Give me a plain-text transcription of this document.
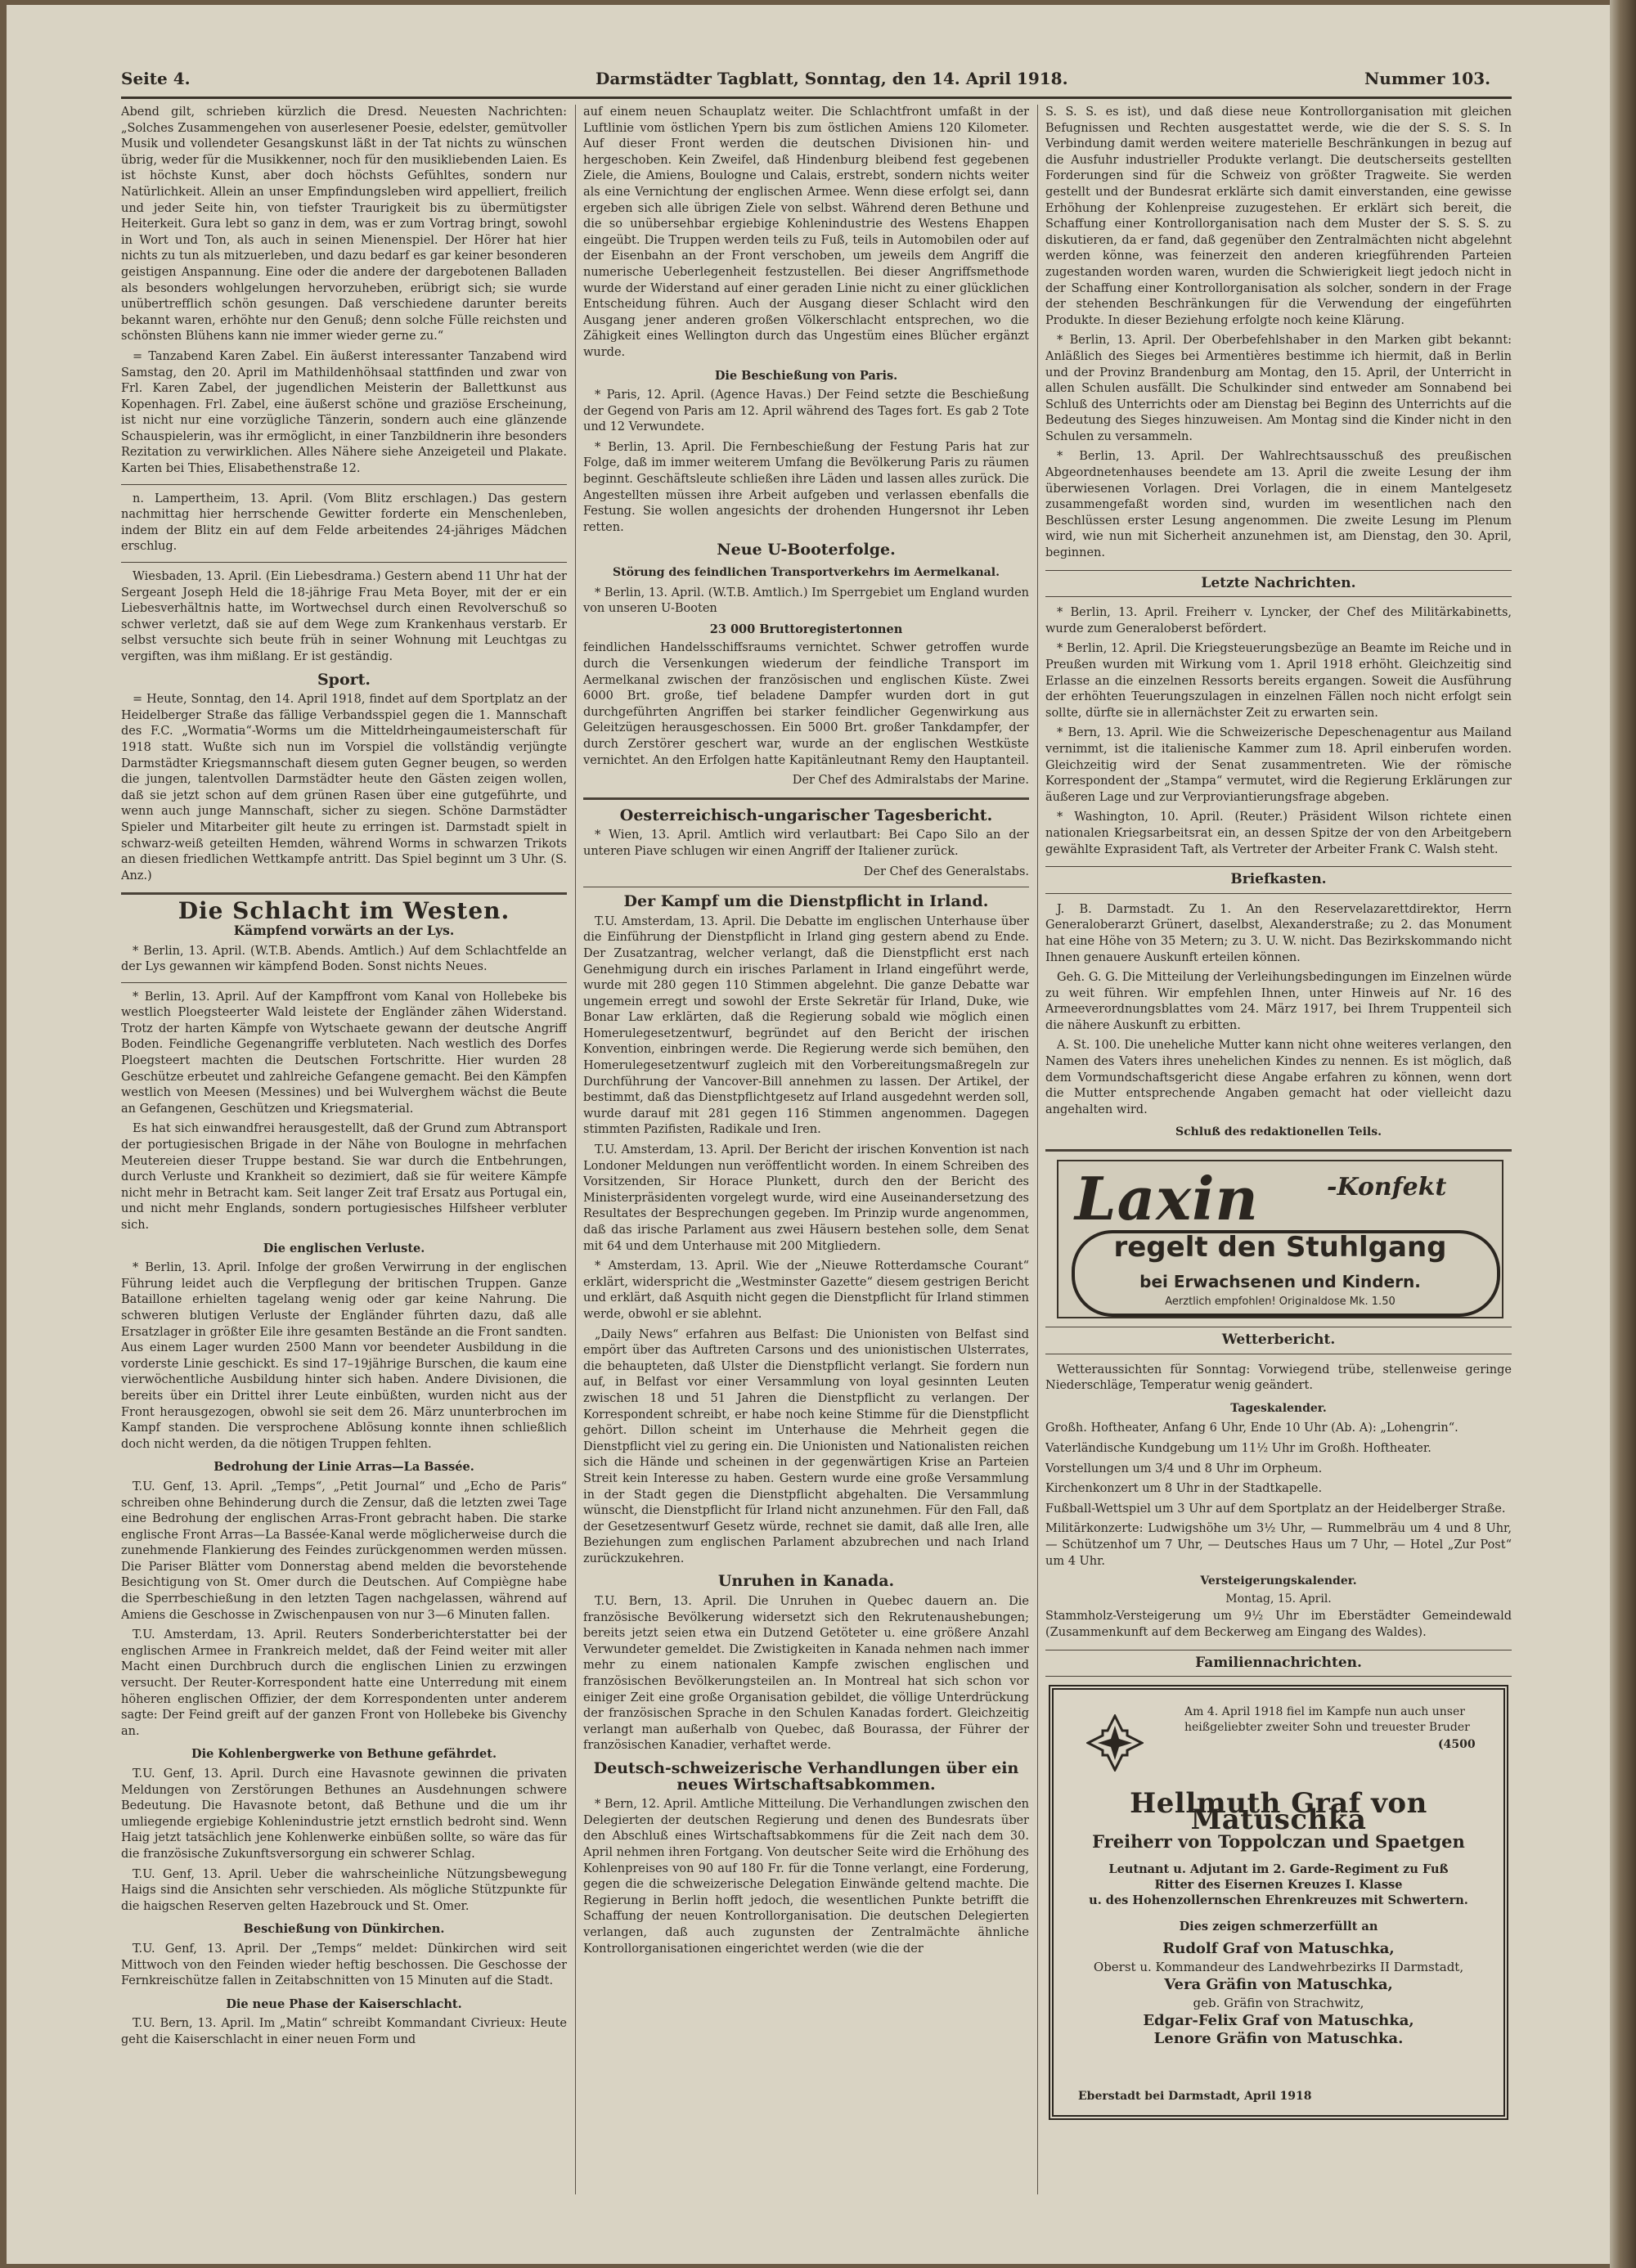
Seite 4.	Darmstädter Tagblatt, Sonntag, den 14. April 1918.	Nummer 103.

Abend gilt, schrieben kürzlich die Dresd. Neuesten Nachrichten: „Solches Zusammengehen von auserlesener Poesie, edelster, gemütvoller Musik und vollendeter Gesangskunst läßt in der Tat nichts zu wünschen übrig, weder für die Musikkenner, noch für den musikliebenden Laien. Es ist höchste Kunst, aber doch höchsts Gefühltes, sondern nur Natürlichkeit. Allein an unser Empfindungsleben wird appelliert, freilich und jeder Seite hin, von tiefster Traurigkeit bis zu übermütigster Heiterkeit. Gura lebt so ganz in dem, was er zum Vortrag bringt, sowohl in Wort und Ton, als auch in seinen Mienenspiel. Der Hörer hat hier nichts zu tun als mitzuerleben, und dazu bedarf es gar keiner besonderen geistigen Anspannung. Eine oder die andere der dargebotenen Balladen als besonders wohlgelungen hervorzuheben, erübrigt sich; sie wurde unübertrefflich schön gesungen. Daß verschiedene darunter bereits bekannt waren, erhöhte nur den Genuß; denn solche Fülle reichsten und schönsten Blühens kann nie immer wieder gerne zu.“

= Tanzabend Karen Zabel. Ein äußerst interessanter Tanzabend wird Samstag, den 20. April im Mathildenhöhsaal stattfinden und zwar von Frl. Karen Zabel, der jugendlichen Meisterin der Ballettkunst aus Kopenhagen. Frl. Zabel, eine äußerst schöne und graziöse Erscheinung, ist nicht nur eine vorzügliche Tänzerin, sondern auch eine glänzende Schauspielerin, was ihr ermöglicht, in einer Tanzbildnerin ihre besonders Rezitation zu verwirklichen. Alles Nähere siehe Anzeigeteil und Plakate. Karten bei Thies, Elisabethenstraße 12.

n. Lampertheim, 13. April. (Vom Blitz erschlagen.) Das gestern nachmittag hier herrschende Gewitter forderte ein Menschenleben, indem der Blitz ein auf dem Felde arbeitendes 24-jähriges Mädchen erschlug.

Wiesbaden, 13. April. (Ein Liebesdrama.) Gestern abend 11 Uhr hat der Sergeant Joseph Held die 18-jährige Frau Meta Boyer, mit der er ein Liebesverhältnis hatte, im Wortwechsel durch einen Revolverschuß so schwer verletzt, daß sie auf dem Wege zum Krankenhaus verstarb. Er selbst versuchte sich beute früh in seiner Wohnung mit Leuchtgas zu vergiften, was ihm mißlang. Er ist geständig.

Sport.

= Heute, Sonntag, den 14. April 1918, findet auf dem Sportplatz an der Heidelberger Straße das fällige Verbandsspiel gegen die 1. Mannschaft des F.C. „Wormatia“-Worms um die Mitteldrheingaumeisterschaft für 1918 statt. Wußte sich nun im Vorspiel die vollständig verjüngte Darmstädter Kriegsmannschaft diesem guten Gegner beugen, so werden die jungen, talentvollen Darmstädter heute den Gästen zeigen wollen, daß sie jetzt schon auf dem grünen Rasen über eine gutgeführte, und wenn auch junge Mannschaft, sicher zu siegen. Schöne Darmstädter Spieler und Mitarbeiter gilt heute zu erringen ist. Darmstadt spielt in schwarz-weiß geteilten Hemden, während Worms in schwarzen Trikots an diesen friedlichen Wettkampfe antritt. Das Spiel beginnt um 3 Uhr. (S. Anz.)

Die Schlacht im Westen.
Kämpfend vorwärts an der Lys.

* Berlin, 13. April. (W.T.B. Abends. Amtlich.) Auf dem Schlachtfelde an der Lys gewannen wir kämpfend Boden. Sonst nichts Neues.

* Berlin, 13. April. Auf der Kampffront vom Kanal von Hollebeke bis westlich Ploegsteerter Wald leistete der Engländer zähen Widerstand. Trotz der harten Kämpfe von Wytschaete gewann der deutsche Angriff Boden. Feindliche Gegenangriffe verbluteten. Nach westlich des Dorfes Ploegsteert machten die Deutschen Fortschritte. Hier wurden 28 Geschütze erbeutet und zahlreiche Gefangene gemacht. Bei den Kämpfen westlich von Meesen (Messines) und bei Wulverghem wächst die Beute an Gefangenen, Geschützen und Kriegsmaterial.

Es hat sich einwandfrei herausgestellt, daß der Grund zum Abtransport der portugiesischen Brigade in der Nähe von Boulogne in mehrfachen Meutereien dieser Truppe bestand. Sie war durch die Entbehrungen, durch Verluste und Krankheit so dezimiert, daß sie für weitere Kämpfe nicht mehr in Betracht kam. Seit langer Zeit traf Ersatz aus Portugal ein, und nicht mehr Englands, sondern portugiesisches Hilfsheer verbluter sich.

Die englischen Verluste.

* Berlin, 13. April. Infolge der großen Verwirrung in der englischen Führung leidet auch die Verpflegung der britischen Truppen. Ganze Bataillone erhielten tagelang wenig oder gar keine Nahrung. Die schweren blutigen Verluste der Engländer führten dazu, daß alle Ersatzlager in größter Eile ihre gesamten Bestände an die Front sandten. Aus einem Lager wurden 2500 Mann vor beendeter Ausbildung in die vorderste Linie geschickt. Es sind 17–19jährige Burschen, die kaum eine vierwöchentliche Ausbildung hinter sich haben. Andere Divisionen, die bereits über ein Drittel ihrer Leute einbüßten, wurden nicht aus der Front herausgezogen, obwohl sie seit dem 26. März ununterbrochen im Kampf standen. Die versprochene Ablösung konnte ihnen schließlich doch nicht werden, da die nötigen Truppen fehlten.

Bedrohung der Linie Arras—La Bassée.

T.U. Genf, 13. April. „Temps“, „Petit Journal“ und „Echo de Paris“ schreiben ohne Behinderung durch die Zensur, daß die letzten zwei Tage eine Bedrohung der englischen Arras-Front gebracht haben. Die starke englische Front Arras—La Bassée-Kanal werde möglicherweise durch die zunehmende Flankierung des Feindes zurückgenommen werden müssen. Die Pariser Blätter vom Donnerstag abend melden die bevorstehende Besichtigung von St. Omer durch die Deutschen. Auf Compiègne habe die Sperrbeschießung in den letzten Tagen nachgelassen, während auf Amiens die Geschosse in Zwischenpausen von nur 3—6 Minuten fallen.

T.U. Amsterdam, 13. April. Reuters Sonderberichterstatter bei der englischen Armee in Frankreich meldet, daß der Feind weiter mit aller Macht einen Durchbruch durch die englischen Linien zu erzwingen versucht. Der Reuter-Korrespondent hatte eine Unterredung mit einem höheren englischen Offizier, der dem Korrespondenten unter anderem sagte: Der Feind greift auf der ganzen Front von Hollebeke bis Givenchy an.

Die Kohlenbergwerke von Bethune gefährdet.

T.U. Genf, 13. April. Durch eine Havasnote gewinnen die privaten Meldungen von Zerstörungen Bethunes an Ausdehnungen schwere Bedeutung. Die Havasnote betont, daß Bethune und die um ihr umliegende ergiebige Kohlenindustrie jetzt ernstlich bedroht sind. Wenn Haig jetzt tatsächlich jene Kohlenwerke einbüßen sollte, so wäre das für die französische Zukunftsversorgung ein schwerer Schlag.

T.U. Genf, 13. April. Ueber die wahrscheinliche Nützungsbewegung Haigs sind die Ansichten sehr verschieden. Als mögliche Stützpunkte für die haigschen Reserven gelten Hazebrouck und St. Omer.

Beschießung von Dünkirchen.

T.U. Genf, 13. April. Der „Temps“ meldet: Dünkirchen wird seit Mittwoch von den Feinden wieder heftig beschossen. Die Geschosse der Fernkreischütze fallen in Zeitabschnitten von 15 Minuten auf die Stadt.

Die neue Phase der Kaiserschlacht.

T.U. Bern, 13. April. Im „Matin“ schreibt Kommandant Civrieux: Heute geht die Kaiserschlacht in einer neuen Form und

auf einem neuen Schauplatz weiter. Die Schlachtfront umfaßt in der Luftlinie vom östlichen Ypern bis zum östlichen Amiens 120 Kilometer. Auf dieser Front werden die deutschen Divisionen hin- und hergeschoben. Kein Zweifel, daß Hindenburg bleibend fest gegebenen Ziele, die Amiens, Boulogne und Calais, erstrebt, sondern nichts weiter als eine Vernichtung der englischen Armee. Wenn diese erfolgt sei, dann ergeben sich alle übrigen Ziele von selbst. Während deren Bethune und die so unübersehbar ergiebige Kohlenindustrie des Westens Ehappen eingeübt. Die Truppen werden teils zu Fuß, teils in Automobilen oder auf der Eisenbahn an der Front verschoben, um jeweils dem Angriff die numerische Ueberlegenheit festzustellen. Bei dieser Angriffsmethode wurde der Widerstand auf einer geraden Linie nicht zu einer glücklichen Entscheidung führen. Auch der Ausgang dieser Schlacht wird den Ausgang jener anderen großen Völkerschlacht entsprechen, wo die Zähigkeit eines Wellington durch das Ungestüm eines Blücher ergänzt wurde.

Die Beschießung von Paris.

* Paris, 12. April. (Agence Havas.) Der Feind setzte die Beschießung der Gegend von Paris am 12. April während des Tages fort. Es gab 2 Tote und 12 Verwundete.

* Berlin, 13. April. Die Fernbeschießung der Festung Paris hat zur Folge, daß im immer weiterem Umfang die Bevölkerung Paris zu räumen beginnt. Geschäftsleute schließen ihre Läden und lassen alles zurück. Die Angestellten müssen ihre Arbeit aufgeben und verlassen ebenfalls die Festung. Sie wollen angesichts der drohenden Hungersnot ihr Leben retten.

Neue U-Booterfolge.
Störung des feindlichen Transportverkehrs im Aermelkanal.

* Berlin, 13. April. (W.T.B. Amtlich.) Im Sperrgebiet um England wurden von unseren U-Booten

23 000 Bruttoregistertonnen

feindlichen Handelsschiffsraums vernichtet. Schwer getroffen wurde durch die Versenkungen wiederum der feindliche Transport im Aermelkanal zwischen der französischen und englischen Küste. Zwei 6000 Brt. große, tief beladene Dampfer wurden dort in gut durchgeführten Angriffen bei starker feindlicher Gegenwirkung aus Geleitzügen herausgeschossen. Ein 5000 Brt. großer Tankdampfer, der durch Zerstörer geschert war, wurde an der englischen Westküste vernichtet. An den Erfolgen hatte Kapitänleutnant Remy den Hauptanteil.

Der Chef des Admiralstabs der Marine.
Oesterreichisch-ungarischer Tagesbericht.

* Wien, 13. April. Amtlich wird verlautbart: Bei Capo Silo an der unteren Piave schlugen wir einen Angriff der Italiener zurück.

Der Chef des Generalstabs.
Der Kampf um die Dienstpflicht in Irland.

T.U. Amsterdam, 13. April. Die Debatte im englischen Unterhause über die Einführung der Dienstpflicht in Irland ging gestern abend zu Ende. Der Zusatzantrag, welcher verlangt, daß die Dienstpflicht erst nach Genehmigung durch ein irisches Parlament in Irland eingeführt werde, wurde mit 280 gegen 110 Stimmen abgelehnt. Die ganze Debatte war ungemein erregt und sowohl der Erste Sekretär für Irland, Duke, wie Bonar Law erklärten, daß die Regierung sobald wie möglich einen Homerulegesetzentwurf, begründet auf den Bericht der irischen Konvention, einbringen werde. Die Regierung werde sich bemühen, den Homerulegesetzentwurf zugleich mit den Vorbereitungsmaßregeln zur Durchführung der Vancover-Bill annehmen zu lassen. Der Artikel, der bestimmt, daß das Dienstpflichtgesetz auf Irland ausgedehnt werden soll, wurde darauf mit 281 gegen 116 Stimmen angenommen. Dagegen stimmten Pazifisten, Radikale und Iren.

T.U. Amsterdam, 13. April. Der Bericht der irischen Konvention ist nach Londoner Meldungen nun veröffentlicht worden. In einem Schreiben des Vorsitzenden, Sir Horace Plunkett, durch den der Bericht des Ministerpräsidenten vorgelegt wurde, wird eine Auseinandersetzung des Resultates der Besprechungen gegeben. Im Prinzip wurde angenommen, daß das irische Parlament aus zwei Häusern bestehen solle, dem Senat mit 64 und dem Unterhause mit 200 Mitgliedern.

* Amsterdam, 13. April. Wie der „Nieuwe Rotterdamsche Courant“ erklärt, widerspricht die „Westminster Gazette“ diesem gestrigen Bericht und erklärt, daß Asquith nicht gegen die Dienstpflicht für Irland stimmen werde, obwohl er sie ablehnt.

„Daily News“ erfahren aus Belfast: Die Unionisten von Belfast sind empört über das Auftreten Carsons und des unionistischen Ulsterrates, die behaupteten, daß Ulster die Dienstpflicht verlangt. Sie fordern nun auf, in Belfast vor einer Versammlung von loyal gesinnten Leuten zwischen 18 und 51 Jahren die Dienstpflicht zu verlangen. Der Korrespondent schreibt, er habe noch keine Stimme für die Dienstpflicht gehört. Dillon scheint im Unterhause die Mehrheit gegen die Dienstpflicht viel zu gering ein. Die Unionisten und Nationalisten reichen sich die Hände und scheinen in der gegenwärtigen Krise an Parteien Streit kein Interesse zu haben. Gestern wurde eine große Versammlung in der Stadt gegen die Dienstpflicht abgehalten. Die Versammlung wünscht, die Dienstpflicht für Irland nicht anzunehmen. Für den Fall, daß der Gesetzesentwurf Gesetz würde, rechnet sie damit, daß alle Iren, alle Beziehungen zum englischen Parlament abzubrechen und nach Irland zurückzukehren.

Unruhen in Kanada.

T.U. Bern, 13. April. Die Unruhen in Quebec dauern an. Die französische Bevölkerung widersetzt sich den Rekrutenaushebungen; bereits jetzt seien etwa ein Dutzend Getöteter u. eine größere Anzahl Verwundeter gemeldet. Die Zwistigkeiten in Kanada nehmen nach immer mehr zu einem nationalen Kampfe zwischen englischen und französischen Bevölkerungsteilen an. In Montreal hat sich schon vor einiger Zeit eine große Organisation gebildet, die völlige Unterdrückung der französischen Sprache in den Schulen Kanadas fordert. Gleichzeitig verlangt man außerhalb von Quebec, daß Bourassa, der Führer der französischen Kanadier, verhaftet werde.

Deutsch-schweizerische Verhandlungen über ein neues Wirtschaftsabkommen.

* Bern, 12. April. Amtliche Mitteilung. Die Verhandlungen zwischen den Delegierten der deutschen Regierung und denen des Bundesrats über den Abschluß eines Wirtschaftsabkommens für die Zeit nach dem 30. April nehmen ihren Fortgang. Von deutscher Seite wird die Erhöhung des Kohlenpreises von 90 auf 180 Fr. für die Tonne verlangt, eine Forderung, gegen die die schweizerische Delegation Einwände geltend machte. Die Regierung in Berlin hofft jedoch, die wesentlichen Punkte betrifft die Schaffung der neuen Kontrollorganisation. Die deutschen Delegierten verlangen, daß auch zugunsten der Zentralmächte ähnliche Kontrollorganisationen eingerichtet werden (wie die der

S. S. S. es ist), und daß diese neue Kontrollorganisation mit gleichen Befugnissen und Rechten ausgestattet werde, wie die der S. S. S. In Verbindung damit werden weitere materielle Beschränkungen in bezug auf die Ausfuhr industrieller Produkte verlangt. Die deutscherseits gestellten Forderungen sind für die Schweiz von größter Tragweite. Sie werden gestellt und der Bundesrat erklärte sich damit einverstanden, eine gewisse Erhöhung der Kohlenpreise zuzugestehen. Er erklärt sich bereit, die Schaffung einer Kontrollorganisation nach dem Muster der S. S. S. zu diskutieren, da er fand, daß gegenüber den Zentralmächten nicht abgelehnt werden könne, was feinerzeit den anderen kriegführenden Parteien zugestanden worden waren, wurden die Schwierigkeit liegt jedoch nicht in der Schaffung einer Kontrollorganisation als solcher, sondern in der Frage der stehenden Beschränkungen für die Verwendung der eingeführten Produkte. In dieser Beziehung erfolgte noch keine Klärung.

* Berlin, 13. April. Der Oberbefehlshaber in den Marken gibt bekannt: Anläßlich des Sieges bei Armentières bestimme ich hiermit, daß in Berlin und der Provinz Brandenburg am Montag, den 15. April, der Unterricht in allen Schulen ausfällt. Die Schulkinder sind entweder am Sonnabend bei Schluß des Unterrichts oder am Dienstag bei Beginn des Unterrichts auf die Bedeutung des Sieges hinzuweisen. Am Montag sind die Kinder nicht in den Schulen zu versammeln.

* Berlin, 13. April. Der Wahlrechtsausschuß des preußischen Abgeordnetenhauses beendete am 13. April die zweite Lesung der ihm überwiesenen Vorlagen. Drei Vorlagen, die in einem Mantelgesetz zusammengefaßt worden sind, wurden im wesentlichen nach den Beschlüssen erster Lesung angenommen. Die zweite Lesung im Plenum wird, wie nun mit Sicherheit anzunehmen ist, am Dienstag, den 30. April, beginnen.

Letzte Nachrichten.

* Berlin, 13. April. Freiherr v. Lyncker, der Chef des Militärkabinetts, wurde zum Generaloberst befördert.

* Berlin, 12. April. Die Kriegsteuerungsbezüge an Beamte im Reiche und in Preußen wurden mit Wirkung vom 1. April 1918 erhöht. Gleichzeitig sind Erlasse an die einzelnen Ressorts bereits ergangen. Soweit die Ausführung der erhöhten Teuerungszulagen in einzelnen Fällen noch nicht erfolgt sein sollte, dürfte sie in allernächster Zeit zu erwarten sein.

* Bern, 13. April. Wie die Schweizerische Depeschenagentur aus Mailand vernimmt, ist die italienische Kammer zum 18. April einberufen worden. Gleichzeitig wird der Senat zusammentreten. Wie der römische Korrespondent der „Stampa“ vermutet, wird die Regierung Erklärungen zur äußeren Lage und zur Verproviantierungsfrage abgeben.

* Washington, 10. April. (Reuter.) Präsident Wilson richtete einen nationalen Kriegsarbeitsrat ein, an dessen Spitze der von den Arbeitgebern gewählte Exprasident Taft, als Vertreter der Arbeiter Frank C. Walsh steht.

Briefkasten.

J. B. Darmstadt. Zu 1. An den Reservelazarettdirektor, Herrn Generaloberarzt Grünert, daselbst, Alexanderstraße; zu 2. das Monument hat eine Höhe von 35 Metern; zu 3. U. W. nicht. Das Bezirkskommando nicht Ihnen genauere Auskunft erteilen können.

Geh. G. G. Die Mitteilung der Verleihungsbedingungen im Einzelnen würde zu weit führen. Wir empfehlen Ihnen, unter Hinweis auf Nr. 16 des Armeeverordnungsblattes vom 24. März 1917, bei Ihrem Truppenteil sich die nähere Auskunft zu erbitten.

A. St. 100. Die uneheliche Mutter kann nicht ohne weiteres verlangen, den Namen des Vaters ihres unehelichen Kindes zu nennen. Es ist möglich, daß dem Vormundschaftsgericht diese Angabe erfahren zu können, wenn dort die Mutter entsprechende Angaben gemacht hat oder vielleicht dazu angehalten wird.

Schluß des redaktionellen Teils.
Laxin	-Konfekt
regelt den Stuhlgang
bei Erwachsenen und Kindern.
Aerztlich empfohlen! Originaldose Mk. 1.50
Wetterbericht.

Wetteraussichten für Sonntag: Vorwiegend trübe, stellenweise geringe Niederschläge, Temperatur wenig geändert.

Tageskalender.

Großh. Hoftheater, Anfang 6 Uhr, Ende 10 Uhr (Ab. A): „Lohengrin“.

Vaterländische Kundgebung um 11½ Uhr im Großh. Hoftheater.

Vorstellungen um 3/4 und 8 Uhr im Orpheum.

Kirchenkonzert um 8 Uhr in der Stadtkapelle.

Fußball-Wettspiel um 3 Uhr auf dem Sportplatz an der Heidelberger Straße.

Militärkonzerte: Ludwigshöhe um 3½ Uhr, — Rummelbräu um 4 und 8 Uhr, — Schützenhof um 7 Uhr, — Deutsches Haus um 7 Uhr, — Hotel „Zur Post“ um 4 Uhr.

Versteigerungskalender.
Montag, 15. April.

Stammholz-Versteigerung um 9½ Uhr im Eberstädter Gemeindewald (Zusammenkunft auf dem Beckerweg am Eingang des Waldes).

Familiennachrichten.
Am 4. April 1918 fiel im Kampfe nun auch unser heißgeliebter zweiter Sohn und treuester Bruder
(4500
Hellmuth Graf von Matuschka
Freiherr von Toppolczan und Spaetgen
Leutnant u. Adjutant im 2. Garde-Regiment zu Fuß
Ritter des Eisernen Kreuzes I. Klasse
u. des Hohenzollernschen Ehrenkreuzes mit Schwertern.
Dies zeigen schmerzerfüllt an
Rudolf Graf von Matuschka,
Oberst u. Kommandeur des Landwehrbezirks II Darmstadt,
Vera Gräfin von Matuschka,
geb. Gräfin von Strachwitz,
Edgar-Felix Graf von Matuschka,
Lenore Gräfin von Matuschka.
Eberstadt bei Darmstadt, April 1918
